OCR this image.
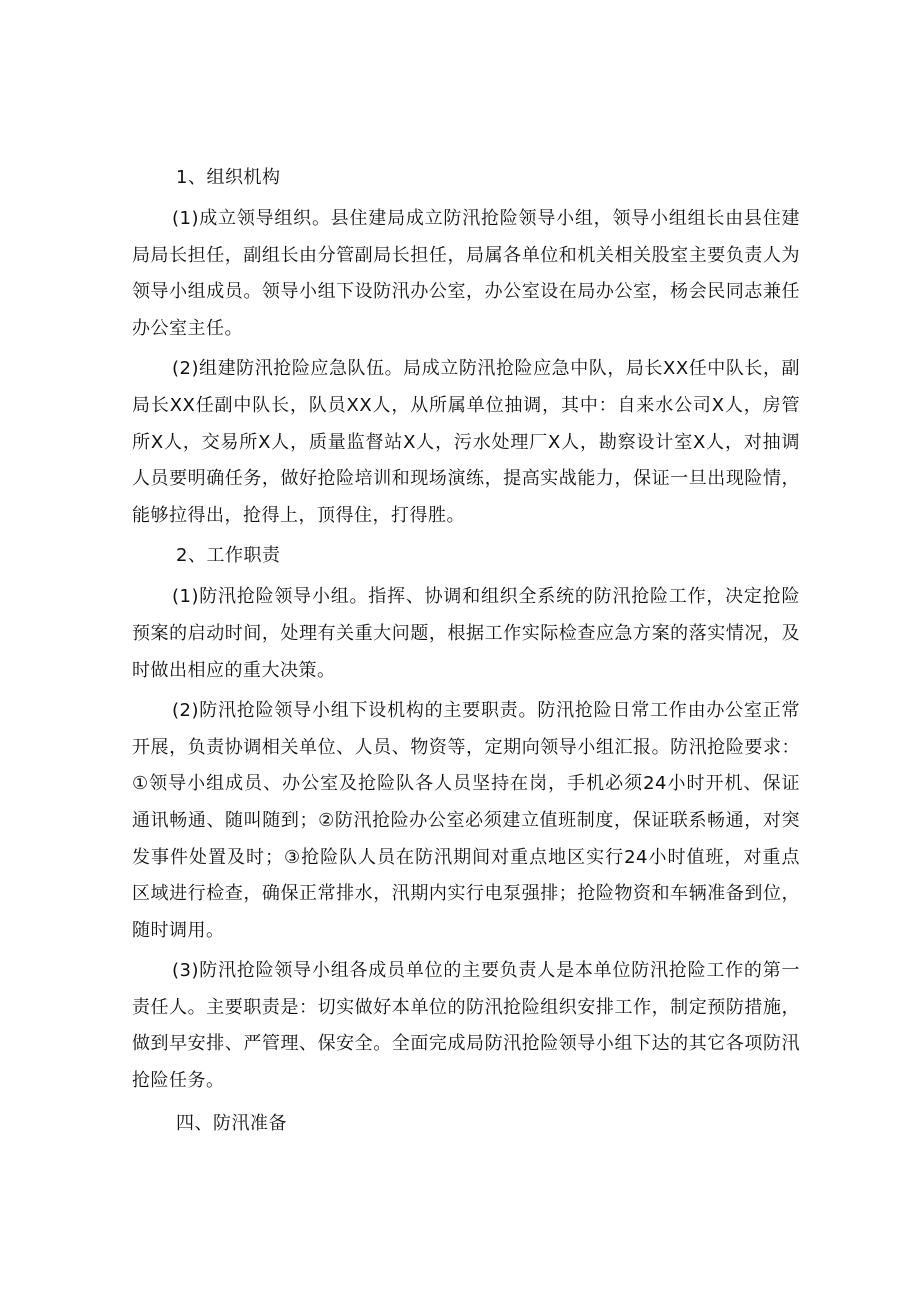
1、组织机构

(1)成立领导组织。县住建局成立防汛抢险领导小组，领导小组组长由县住建局局长担任，副组长由分管副局长担任，局属各单位和机关相关股室主要负责人为领导小组成员。领导小组下设防汛办公室，办公室设在局办公室，杨会民同志兼任办公室主任。

(2)组建防汛抢险应急队伍。局成立防汛抢险应急中队，局长XX任中队长，副局长XX任副中队长，队员XX人，从所属单位抽调，其中：自来水公司X人，房管所X人，交易所X人，质量监督站X人，污水处理厂X人，勘察设计室X人，对抽调人员要明确任务，做好抢险培训和现场演练，提高实战能力，保证一旦出现险情，能够拉得出，抢得上，顶得住，打得胜。

2、工作职责

(1)防汛抢险领导小组。指挥、协调和组织全系统的防汛抢险工作，决定抢险预案的启动时间，处理有关重大问题，根据工作实际检查应急方案的落实情况，及时做出相应的重大决策。

(2)防汛抢险领导小组下设机构的主要职责。防汛抢险日常工作由办公室正常开展，负责协调相关单位、人员、物资等，定期向领导小组汇报。防汛抢险要求：①领导小组成员、办公室及抢险队各人员坚持在岗，手机必须24小时开机、保证通讯畅通、随叫随到；②防汛抢险办公室必须建立值班制度，保证联系畅通，对突发事件处置及时；③抢险队人员在防汛期间对重点地区实行24小时值班，对重点区域进行检查，确保正常排水，汛期内实行电泵强排；抢险物资和车辆准备到位，随时调用。

(3)防汛抢险领导小组各成员单位的主要负责人是本单位防汛抢险工作的第一责任人。主要职责是：切实做好本单位的防汛抢险组织安排工作，制定预防措施，做到早安排、严管理、保安全。全面完成局防汛抢险领导小组下达的其它各项防汛抢险任务。

四、防汛准备
